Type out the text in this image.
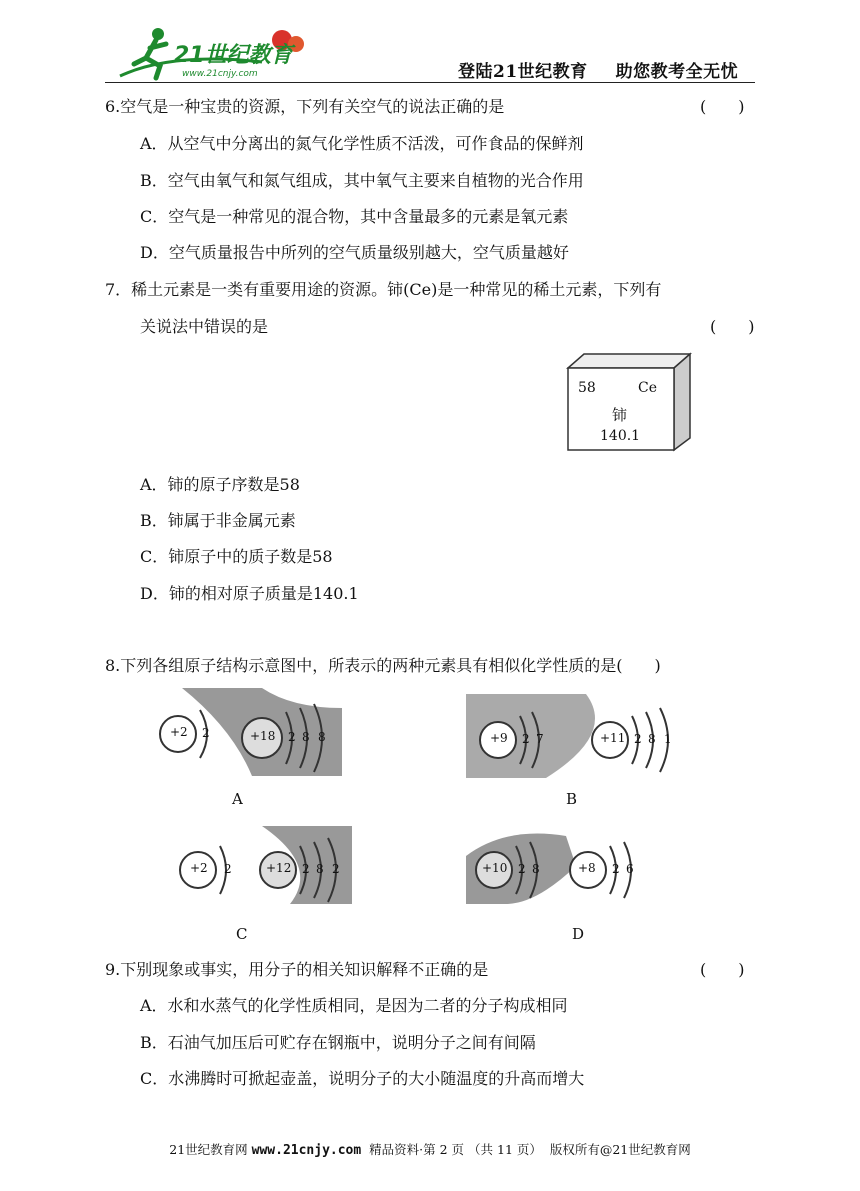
21世纪教育
www.21cnjy.com	登陆21世纪教育 助您教考全无忧
6.空气是一种宝贵的资源，下列有关空气的说法正确的是	(　　)
A．从空气中分离出的氮气化学性质不活泼，可作食品的保鲜剂
B．空气由氧气和氮气组成，其中氧气主要来自植物的光合作用
C．空气是一种常见的混合物，其中含量最多的元素是氧元素
D．空气质量报告中所列的空气质量级别越大，空气质量越好
7．稀土元素是一类有重要用途的资源。铈(Ce)是一种常见的稀土元素，下列有
关说法中错误的是	(　　)
58	Ce
铈
140.1
A．铈的原子序数是58
B．铈属于非金属元素
C．铈原子中的质子数是58
D．铈的相对原子质量是140.1
8.下列各组原子结构示意图中，所表示的两种元素具有相似化学性质的是(　　)
+2 2	+18 2 8 8
A
+9 2 7	+11 2 8 1
B
+2 2	+12 2 8 2
C
+10 2 8	+8 2 6
D
9.下别现象或事实，用分子的相关知识解释不正确的是	(　　)
A．水和水蒸气的化学性质相同，是因为二者的分子构成相同
B．石油气加压后可贮存在钢瓶中，说明分子之间有间隔
C．水沸腾时可掀起壶盖，说明分子的大小随温度的升高而增大
21世纪教育网 www.21cnjy.com 精品资料·第 2 页 （共 11 页） 版权所有@21世纪教育网
